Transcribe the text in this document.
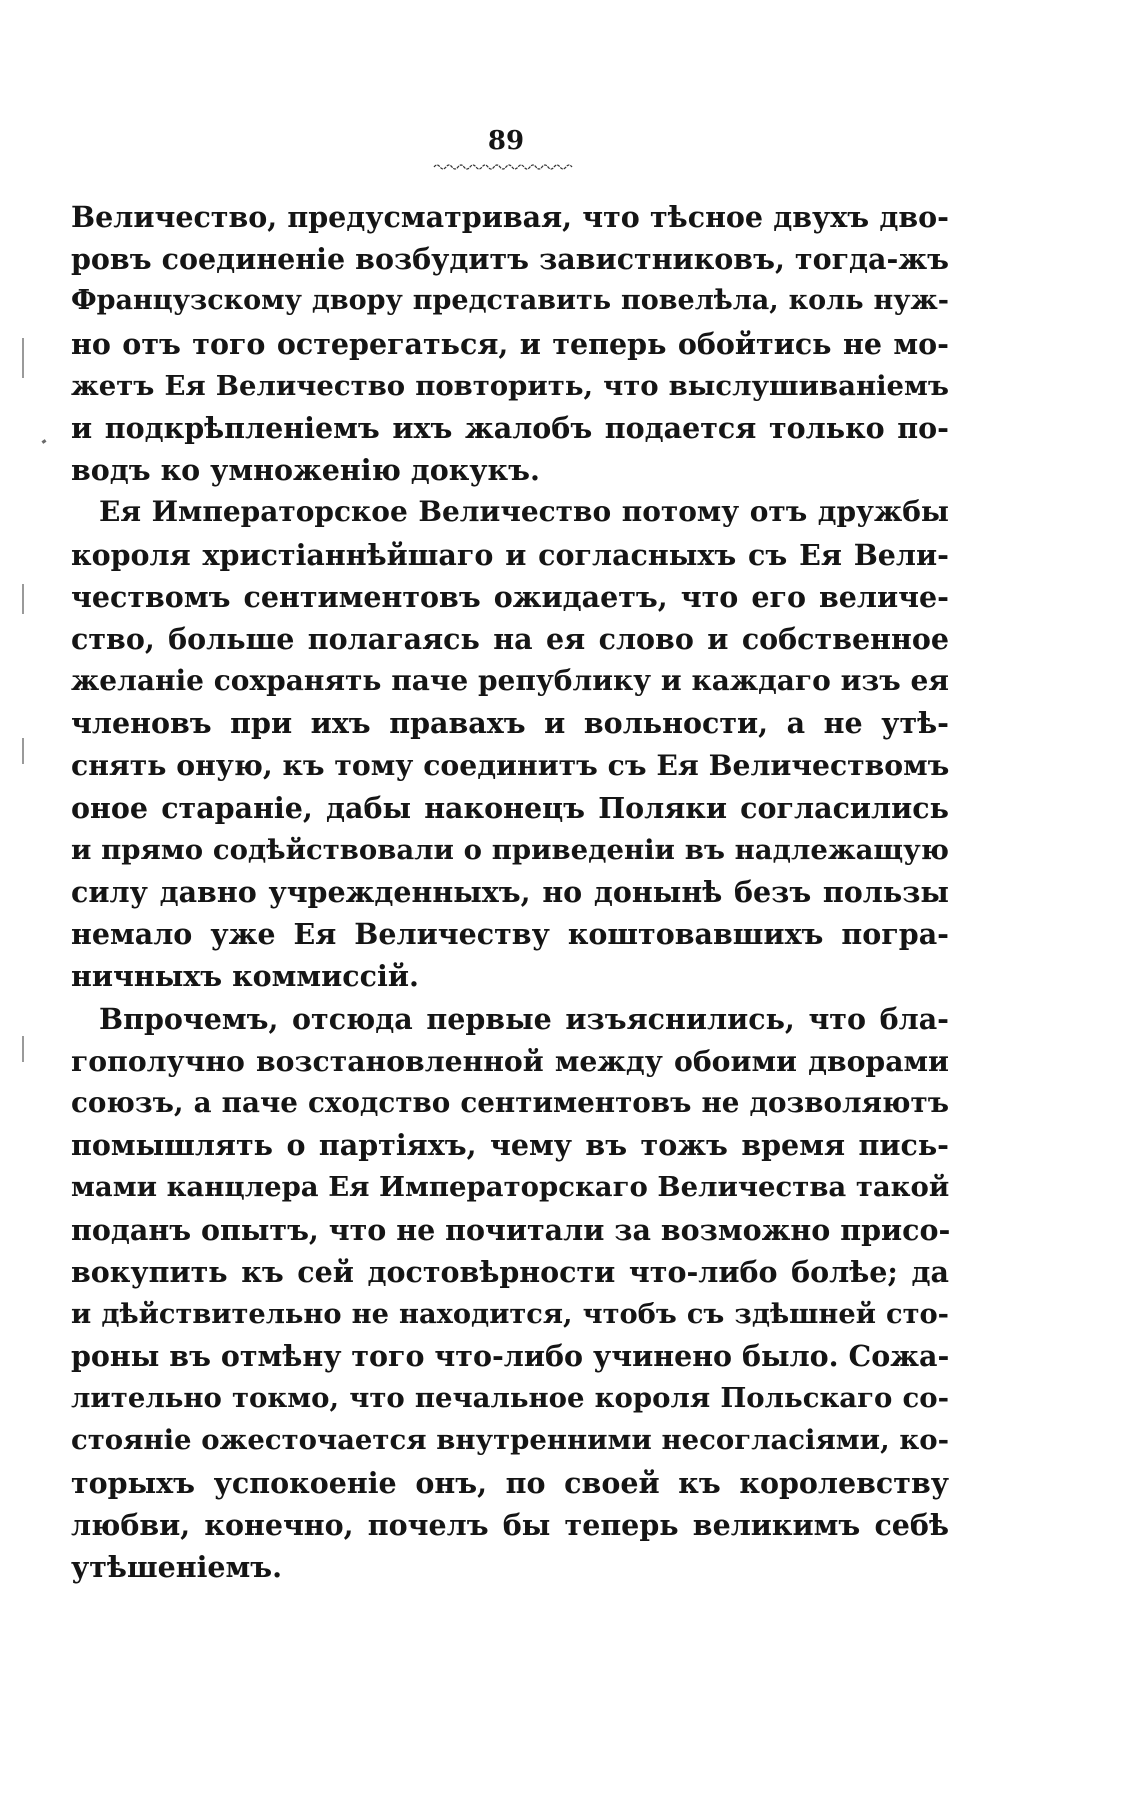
89
Величество, предусматривая, что тѣсное двухъ дво-
ровъ соединеніе возбудитъ завистниковъ, тогда-жъ
Французскому двору представить повелѣла, коль нуж-
но отъ того остерегаться, и теперь обойтись не мо-
жетъ Ея Величество повторить, что выслушиваніемъ
и подкрѣпленіемъ ихъ жалобъ подается только по-
водъ ко умноженію докукъ.
Ея Императорское Величество потому отъ дружбы
короля христіаннѣйшаго и согласныхъ съ Ея Вели-
чествомъ сентиментовъ ожидаетъ, что его величе-
ство, больше полагаясь на ея слово и собственное
желаніе сохранять паче републику и каждаго изъ ея
членовъ при ихъ правахъ и вольности, а не утѣ-
снять оную, къ тому соединитъ съ Ея Величествомъ
оное стараніе, дабы наконецъ Поляки согласились
и прямо содѣйствовали о приведеніи въ надлежащую
силу давно учрежденныхъ, но донынѣ безъ пользы
немало уже Ея Величеству коштовавшихъ погра-
ничныхъ коммиссій.
Впрочемъ, отсюда первые изъяснились, что бла-
гополучно возстановленной между обоими дворами
союзъ, а паче сходство сентиментовъ не дозволяютъ
помышлять о партіяхъ, чему въ тожъ время пись-
мами канцлера Ея Императорскаго Величества такой
поданъ опытъ, что не почитали за возможно присо-
вокупить къ сей достовѣрности что-либо болѣе; да
и дѣйствительно не находится, чтобъ съ здѣшней сто-
роны въ отмѣну того что-либо учинено было. Сожа-
лительно токмо, что печальное короля Польскаго со-
стояніе ожесточается внутренними несогласіями, ко-
торыхъ успокоеніе онъ, по своей къ королевству
любви, конечно, почелъ бы теперь великимъ себѣ
утѣшеніемъ.
